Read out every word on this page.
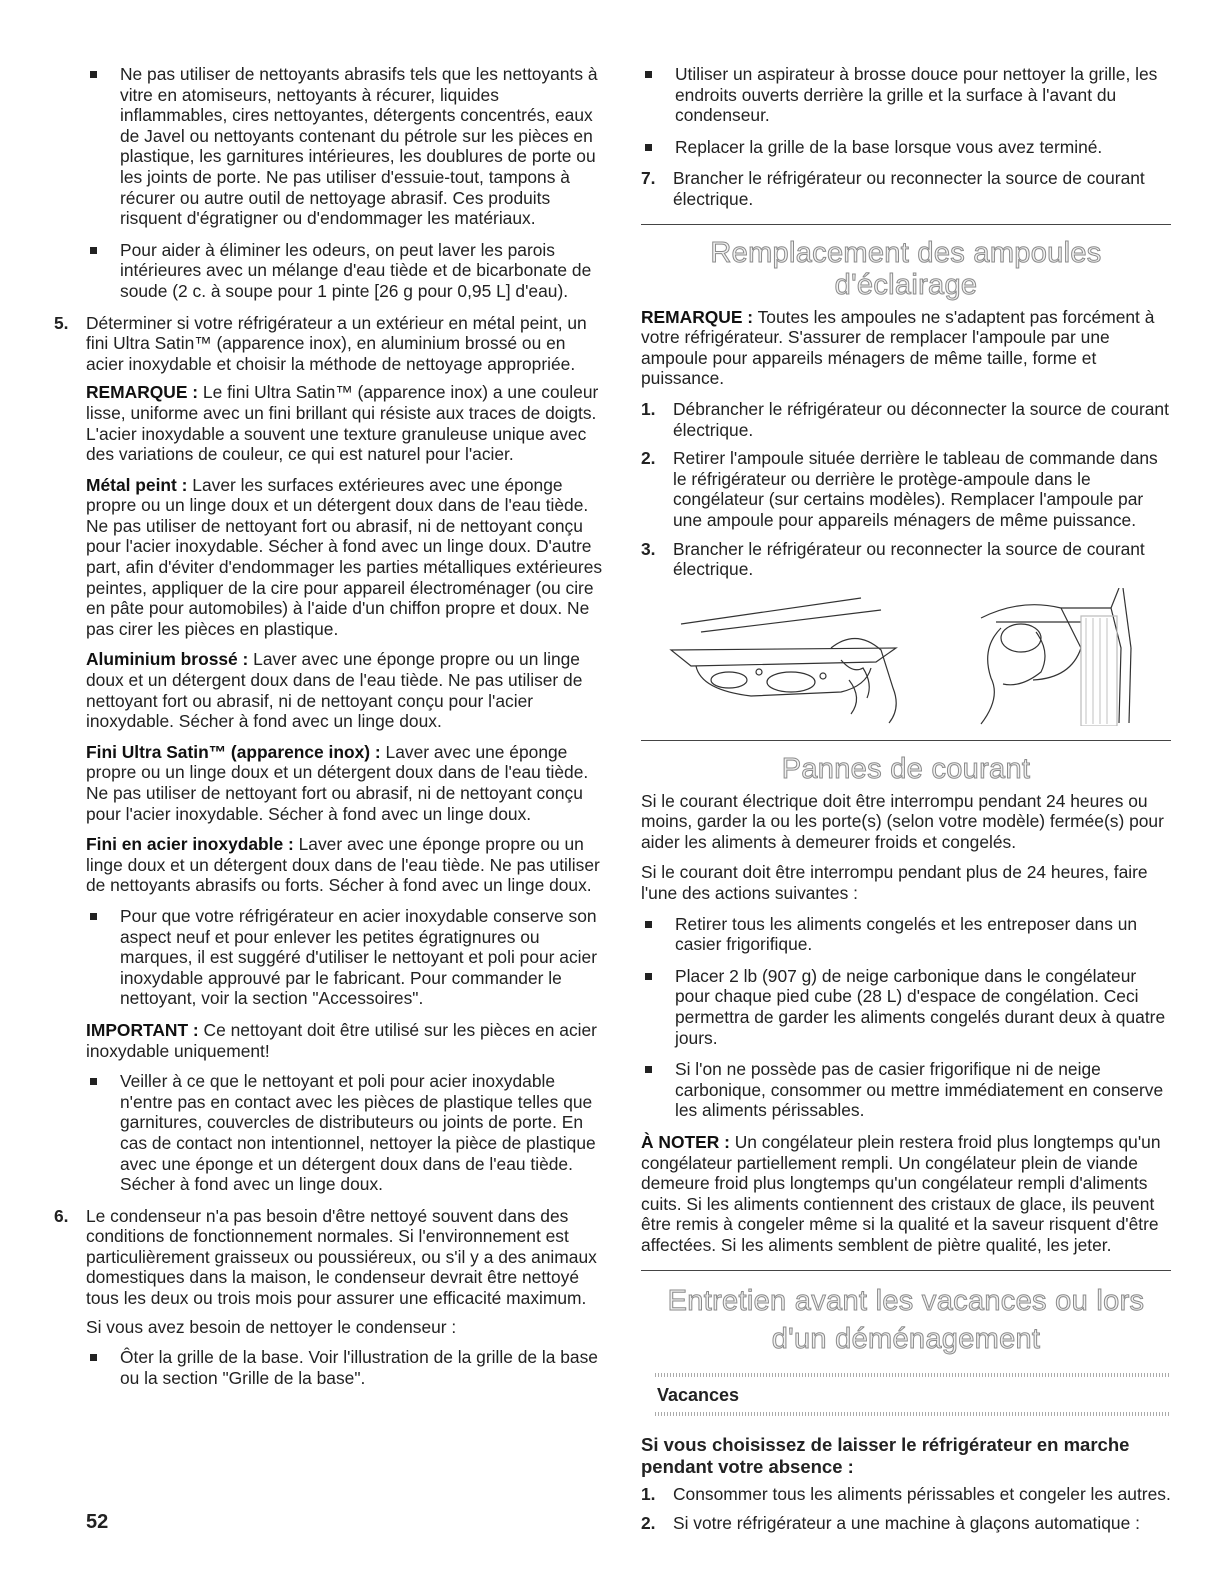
Ne pas utiliser de nettoyants abrasifs tels que les nettoyants à vitre en atomiseurs, nettoyants à récurer, liquides inflammables, cires nettoyantes, détergents concentrés, eaux de Javel ou nettoyants contenant du pétrole sur les pièces en plastique, les garnitures intérieures, les doublures de porte ou les joints de porte. Ne pas utiliser d'essuie-tout, tampons à récurer ou autre outil de nettoyage abrasif. Ces produits risquent d'égratigner ou d'endommager les matériaux.
Pour aider à éliminer les odeurs, on peut laver les parois intérieures avec un mélange d'eau tiède et de bicarbonate de soude (2 c. à soupe pour 1 pinte [26 g pour 0,95 L] d'eau).
5. Déterminer si votre réfrigérateur a un extérieur en métal peint, un fini Ultra Satin™ (apparence inox), en aluminium brossé ou en acier inoxydable et choisir la méthode de nettoyage appropriée.

REMARQUE : Le fini Ultra Satin™ (apparence inox) a une couleur lisse, uniforme avec un fini brillant qui résiste aux traces de doigts. L'acier inoxydable a souvent une texture granuleuse unique avec des variations de couleur, ce qui est naturel pour l'acier.

Métal peint : Laver les surfaces extérieures avec une éponge propre ou un linge doux et un détergent doux dans de l'eau tiède. Ne pas utiliser de nettoyant fort ou abrasif, ni de nettoyant conçu pour l'acier inoxydable. Sécher à fond avec un linge doux. D'autre part, afin d'éviter d'endommager les parties métalliques extérieures peintes, appliquer de la cire pour appareil électroménager (ou cire en pâte pour automobiles) à l'aide d'un chiffon propre et doux. Ne pas cirer les pièces en plastique.

Aluminium brossé : Laver avec une éponge propre ou un linge doux et un détergent doux dans de l'eau tiède. Ne pas utiliser de nettoyant fort ou abrasif, ni de nettoyant conçu pour l'acier inoxydable. Sécher à fond avec un linge doux.

Fini Ultra Satin™ (apparence inox) : Laver avec une éponge propre ou un linge doux et un détergent doux dans de l'eau tiède. Ne pas utiliser de nettoyant fort ou abrasif, ni de nettoyant conçu pour l'acier inoxydable. Sécher à fond avec un linge doux.

Fini en acier inoxydable : Laver avec une éponge propre ou un linge doux et un détergent doux dans de l'eau tiède. Ne pas utiliser de nettoyants abrasifs ou forts. Sécher à fond avec un linge doux.

Pour que votre réfrigérateur en acier inoxydable conserve son aspect neuf et pour enlever les petites égratignures ou marques, il est suggéré d'utiliser le nettoyant et poli pour acier inoxydable approuvé par le fabricant. Pour commander le nettoyant, voir la section "Accessoires".

IMPORTANT : Ce nettoyant doit être utilisé sur les pièces en acier inoxydable uniquement!

Veiller à ce que le nettoyant et poli pour acier inoxydable n'entre pas en contact avec les pièces de plastique telles que garnitures, couvercles de distributeurs ou joints de porte. En cas de contact non intentionnel, nettoyer la pièce de plastique avec une éponge et un détergent doux dans de l'eau tiède. Sécher à fond avec un linge doux.
6. Le condenseur n'a pas besoin d'être nettoyé souvent dans des conditions de fonctionnement normales. Si l'environnement est particulièrement graisseux ou poussiéreux, ou s'il y a des animaux domestiques dans la maison, le condenseur devrait être nettoyé tous les deux ou trois mois pour assurer une efficacité maximum.

Si vous avez besoin de nettoyer le condenseur :

Ôter la grille de la base. Voir l'illustration de la grille de la base ou la section "Grille de la base".
Utiliser un aspirateur à brosse douce pour nettoyer la grille, les endroits ouverts derrière la grille et la surface à l'avant du condenseur.
Replacer la grille de la base lorsque vous avez terminé.
7. Brancher le réfrigérateur ou reconnecter la source de courant électrique.
Remplacement des ampoules d'éclairage

REMARQUE : Toutes les ampoules ne s'adaptent pas forcément à votre réfrigérateur. S'assurer de remplacer l'ampoule par une ampoule pour appareils ménagers de même taille, forme et puissance.

1. Débrancher le réfrigérateur ou déconnecter la source de courant électrique.
2. Retirer l'ampoule située derrière le tableau de commande dans le réfrigérateur ou derrière le protège-ampoule dans le congélateur (sur certains modèles). Remplacer l'ampoule par une ampoule pour appareils ménagers de même puissance.
3. Brancher le réfrigérateur ou reconnecter la source de courant électrique.
Pannes de courant

Si le courant électrique doit être interrompu pendant 24 heures ou moins, garder la ou les porte(s) (selon votre modèle) fermée(s) pour aider les aliments à demeurer froids et congelés.

Si le courant doit être interrompu pendant plus de 24 heures, faire l'une des actions suivantes :

Retirer tous les aliments congelés et les entreposer dans un casier frigorifique.
Placer 2 lb (907 g) de neige carbonique dans le congélateur pour chaque pied cube (28 L) d'espace de congélation. Ceci permettra de garder les aliments congelés durant deux à quatre jours.
Si l'on ne possède pas de casier frigorifique ni de neige carbonique, consommer ou mettre immédiatement en conserve les aliments périssables.

À NOTER : Un congélateur plein restera froid plus longtemps qu'un congélateur partiellement rempli. Un congélateur plein de viande demeure froid plus longtemps qu'un congélateur rempli d'aliments cuits. Si les aliments contiennent des cristaux de glace, ils peuvent être remis à congeler même si la qualité et la saveur risquent d'être affectées. Si les aliments semblent de piètre qualité, les jeter.

Entretien avant les vacances ou lors
d'un déménagement
Vacances
Si vous choisissez de laisser le réfrigérateur en marche pendant votre absence :
1. Consommer tous les aliments périssables et congeler les autres.
2. Si votre réfrigérateur a une machine à glaçons automatique :
52
